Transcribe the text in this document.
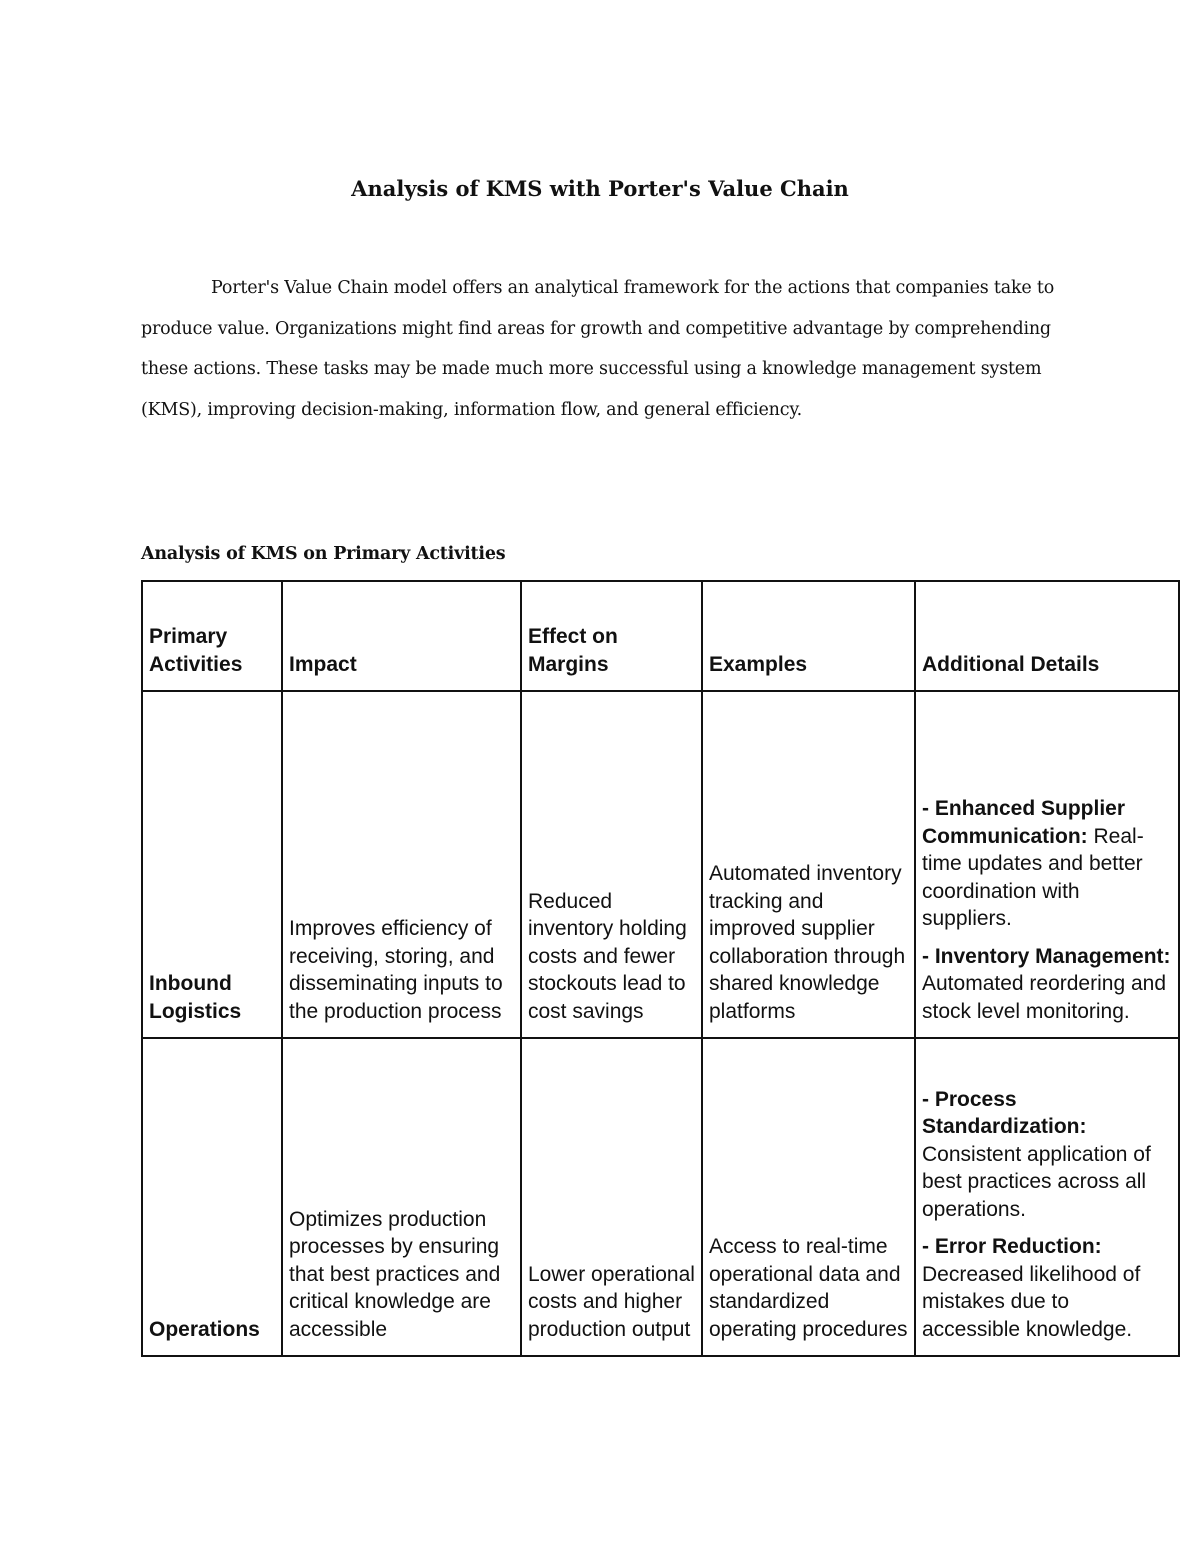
Analysis of KMS with Porter's Value Chain

Porter's Value Chain model offers an analytical framework for the actions that companies take to produce value. Organizations might find areas for growth and competitive advantage by comprehending these actions. These tasks may be made much more successful using a knowledge management system (KMS), improving decision-making, information flow, and general efficiency.

Analysis of KMS on Primary Activities
Primary Activities	Impact	Effect on Margins	Examples	Additional Details
Inbound Logistics	Improves efficiency of receiving, storing, and disseminating inputs to the production process	Reduced inventory holding costs and fewer stockouts lead to cost savings	Automated inventory tracking and improved supplier collaboration through shared knowledge platforms	- Enhanced Supplier Communication: Real-time updates and better coordination with suppliers.

- Inventory Management: Automated reordering and stock level monitoring.

Operations	Optimizes production processes by ensuring that best practices and critical knowledge are accessible	Lower operational costs and higher production output	Access to real-time operational data and standardized operating procedures	- Process Standardization: Consistent application of best practices across all operations.

- Error Reduction: Decreased likelihood of mistakes due to accessible knowledge.
